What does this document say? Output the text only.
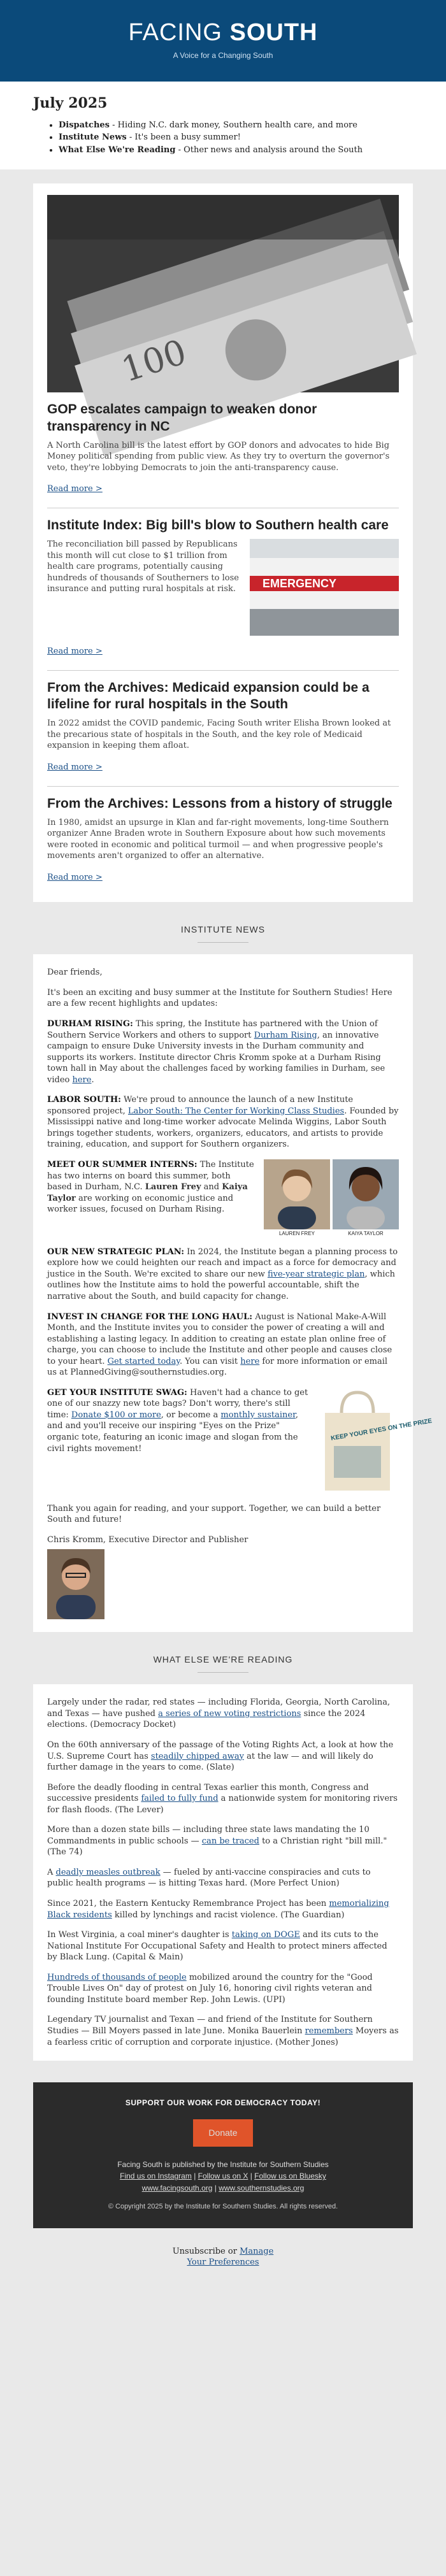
FACING SOUTH
A Voice for a Changing South
July 2025
• Dispatches - Hiding N.C. dark money, Southern health care, and more
• Institute News - It's been a busy summer!
• What Else We're Reading - Other news and analysis around the South
100
GOP escalates campaign to weaken donor transparency in NC

A North Carolina bill is the latest effort by GOP donors and advocates to hide Big Money political spending from public view. As they try to overturn the governor's veto, they're lobbying Democrats to join the anti-transparency cause.

Read more >
Institute Index: Big bill's blow to Southern health care

The reconciliation bill passed by Republicans this month will cut close to $1 trillion from health care programs, potentially causing hundreds of thousands of Southerners to lose insurance and putting rural hospitals at risk.	EMERGENCY
Read more >
From the Archives: Medicaid expansion could be a lifeline for rural hospitals in the South

In 2022 amidst the COVID pandemic, Facing South writer Elisha Brown looked at the precarious state of hospitals in the South, and the key role of Medicaid expansion in keeping them afloat.

Read more >
From the Archives: Lessons from a history of struggle

In 1980, amidst an upsurge in Klan and far-right movements, long-time Southern organizer Anne Braden wrote in Southern Exposure about how such movements were rooted in economic and political turmoil — and when progressive people's movements aren't organized to offer an alternative.

Read more >
INSTITUTE NEWS

Dear friends,

It's been an exciting and busy summer at the Institute for Southern Studies! Here are a few recent highlights and updates:

DURHAM RISING: This spring, the Institute has partnered with the Union of Southern Service Workers and others to support Durham Rising, an innovative campaign to ensure Duke University invests in the Durham community and supports its workers. Institute director Chris Kromm spoke at a Durham Rising town hall in May about the challenges faced by working families in Durham, see video here.

LABOR SOUTH: We're proud to announce the launch of a new Institute sponsored project, Labor South: The Center for Working Class Studies. Founded by Mississippi native and long-time worker advocate Melinda Wiggins, Labor South brings together students, workers, organizers, educators, and artists to provide training, education, and support for Southern organizers.

MEET OUR SUMMER INTERNS: The Institute has two interns on board this summer, both based in Durham, N.C. Lauren Frey and Kaiya Taylor are working on economic justice and worker issues, focused on Durham Rising.

LAUREN FREY	KAIYA TAYLOR

OUR NEW STRATEGIC PLAN: In 2024, the Institute began a planning process to explore how we could heighten our reach and impact as a force for democracy and justice in the South. We're excited to share our new five-year strategic plan, which outlines how the Institute aims to hold the powerful accountable, shift the narrative about the South, and build capacity for change.

INVEST IN CHANGE FOR THE LONG HAUL: August is National Make-A-Will Month, and the Institute invites you to consider the power of creating a will and establishing a lasting legacy. In addition to creating an estate plan online free of charge, you can choose to include the Institute and other people and causes close to your heart. Get started today. You can visit here for more information or email us at PlannedGiving@southernstudies.org.

GET YOUR INSTITUTE SWAG: Haven't had a chance to get one of our snazzy new tote bags? Don't worry, there's still time: Donate $100 or more, or become a monthly sustainer, and and you'll receive our inspiring "Eyes on the Prize" organic tote, featuring an iconic image and slogan from the civil rights movement!

KEEP YOUR EYES ON THE PRIZE

Thank you again for reading, and your support. Together, we can build a better South and future!

Chris Kromm, Executive Director and Publisher

WHAT ELSE WE'RE READING

Largely under the radar, red states — including Florida, Georgia, North Carolina, and Texas — have pushed a series of new voting restrictions since the 2024 elections. (Democracy Docket)

On the 60th anniversary of the passage of the Voting Rights Act, a look at how the U.S. Supreme Court has steadily chipped away at the law — and will likely do further damage in the years to come. (Slate)

Before the deadly flooding in central Texas earlier this month, Congress and successive presidents failed to fully fund a nationwide system for monitoring rivers for flash floods. (The Lever)

More than a dozen state bills — including three state laws mandating the 10 Commandments in public schools — can be traced to a Christian right "bill mill." (The 74)

A deadly measles outbreak — fueled by anti-vaccine conspiracies and cuts to public health programs — is hitting Texas hard. (More Perfect Union)

Since 2021, the Eastern Kentucky Remembrance Project has been memorializing Black residents killed by lynchings and racist violence. (The Guardian)

In West Virginia, a coal miner's daughter is taking on DOGE and its cuts to the National Institute For Occupational Safety and Health to protect miners affected by Black Lung. (Capital & Main)

Hundreds of thousands of people mobilized around the country for the "Good Trouble Lives On" day of protest on July 16, honoring civil rights veteran and founding Institute board member Rep. John Lewis. (UPI)

Legendary TV journalist and Texan — and friend of the Institute for Southern Studies — Bill Moyers passed in late June. Monika Bauerlein remembers Moyers as a fearless critic of corruption and corporate injustice. (Mother Jones)

SUPPORT OUR WORK FOR DEMOCRACY TODAY!
Donate
Facing South is published by the Institute for Southern Studies
Find us on Instagram | Follow us on X | Follow us on Bluesky
www.facingsouth.org | www.southernstudies.org
© Copyright 2025 by the Institute for Southern Studies. All rights reserved.
Unsubscribe or Manage
Your Preferences
